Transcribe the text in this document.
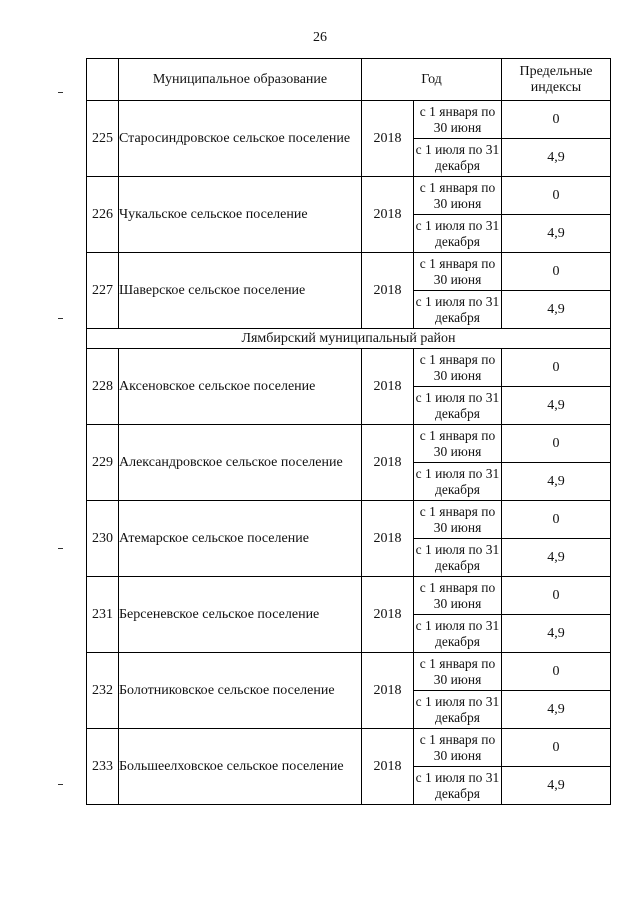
26
	Муниципальное образование	Год		Предельные индексы
225	Старосиндровское сельское поселение	2018	с 1 января по 30 июня	0
			с 1 июля по 31 декабря	4,9
226	Чукальское сельское поселение	2018	с 1 января по 30 июня	0
			с 1 июля по 31 декабря	4,9
227	Шаверское сельское поселение	2018	с 1 января по 30 июня	0
			с 1 июля по 31 декабря	4,9
Лямбирский муниципальный район				
228	Аксеновское сельское поселение	2018	с 1 января по 30 июня	0
			с 1 июля по 31 декабря	4,9
229	Александровское сельское поселение	2018	с 1 января по 30 июня	0
			с 1 июля по 31 декабря	4,9
230	Атемарское сельское поселение	2018	с 1 января по 30 июня	0
			с 1 июля по 31 декабря	4,9
231	Берсеневское сельское поселение	2018	с 1 января по 30 июня	0
			с 1 июля по 31 декабря	4,9
232	Болотниковское сельское поселение	2018	с 1 января по 30 июня	0
			с 1 июля по 31 декабря	4,9
233	Большеелховское сельское поселение	2018	с 1 января по 30 июня	0
			с 1 июля по 31 декабря	4,9
